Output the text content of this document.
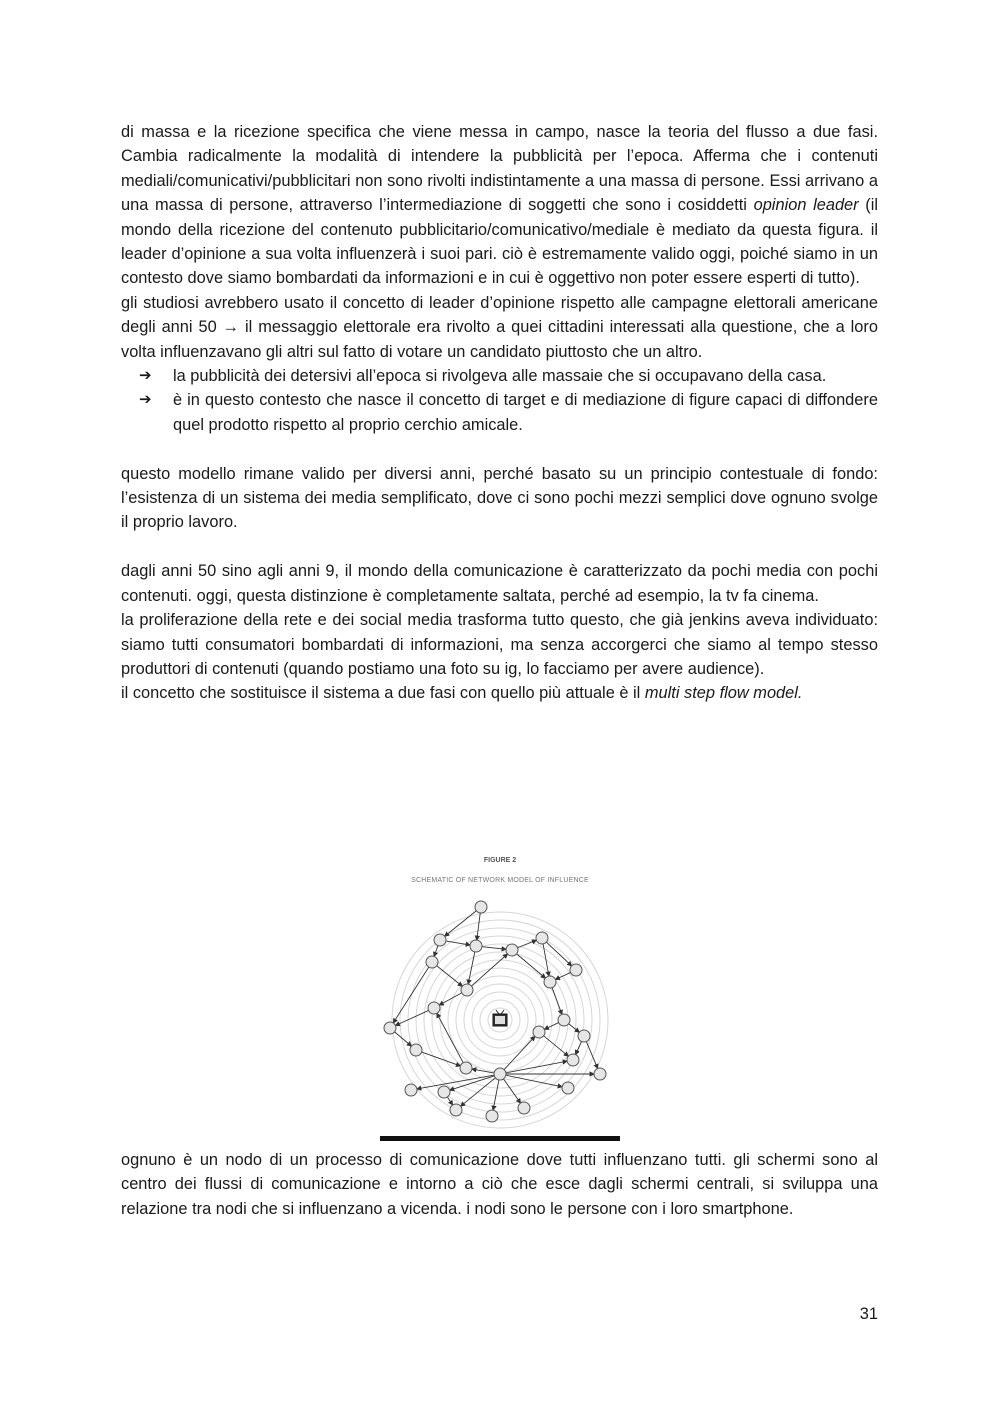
di massa e la ricezione specifica che viene messa in campo, nasce la teoria del flusso a due fasi. Cambia radicalmente la modalità di intendere la pubblicità per l’epoca. Afferma che i contenuti mediali/comunicativi/pubblicitari non sono rivolti indistintamente a una massa di persone. Essi arrivano a una massa di persone, attraverso l’intermediazione di soggetti che sono i cosiddetti opinion leader (il mondo della ricezione del contenuto pubblicitario/comunicativo/mediale è mediato da questa figura. il leader d’opinione a sua volta influenzerà i suoi pari. ciò è estremamente valido oggi, poiché siamo in un contesto dove siamo bombardati da informazioni e in cui è oggettivo non poter essere esperti di tutto).

gli studiosi avrebbero usato il concetto di leader d’opinione rispetto alle campagne elettorali americane degli anni 50 → il messaggio elettorale era rivolto a quei cittadini interessati alla questione, che a loro volta influenzavano gli altri sul fatto di votare un candidato piuttosto che un altro.

➔ la pubblicità dei detersivi all’epoca si rivolgeva alle massaie che si occupavano della casa.
➔ è in questo contesto che nasce il concetto di target e di mediazione di figure capaci di diffondere quel prodotto rispetto al proprio cerchio amicale.

questo modello rimane valido per diversi anni, perché basato su un principio contestuale di fondo: l’esistenza di un sistema dei media semplificato, dove ci sono pochi mezzi semplici dove ognuno svolge il proprio lavoro.

dagli anni 50 sino agli anni 9, il mondo della comunicazione è caratterizzato da pochi media con pochi contenuti. oggi, questa distinzione è completamente saltata, perché ad esempio, la tv fa cinema.

la proliferazione della rete e dei social media trasforma tutto questo, che già jenkins aveva individuato: siamo tutti consumatori bombardati di informazioni, ma senza accorgerci che siamo al tempo stesso produttori di contenuti (quando postiamo una foto su ig, lo facciamo per avere audience).

il concetto che sostituisce il sistema a due fasi con quello più attuale è il multi step flow model.

FIGURE 2
SCHEMATIC OF NETWORK MODEL OF INFLUENCE

ognuno è un nodo di un processo di comunicazione dove tutti influenzano tutti. gli schermi sono al centro dei flussi di comunicazione e intorno a ciò che esce dagli schermi centrali, si sviluppa una relazione tra nodi che si influenzano a vicenda. i nodi sono le persone con i loro smartphone.

31
